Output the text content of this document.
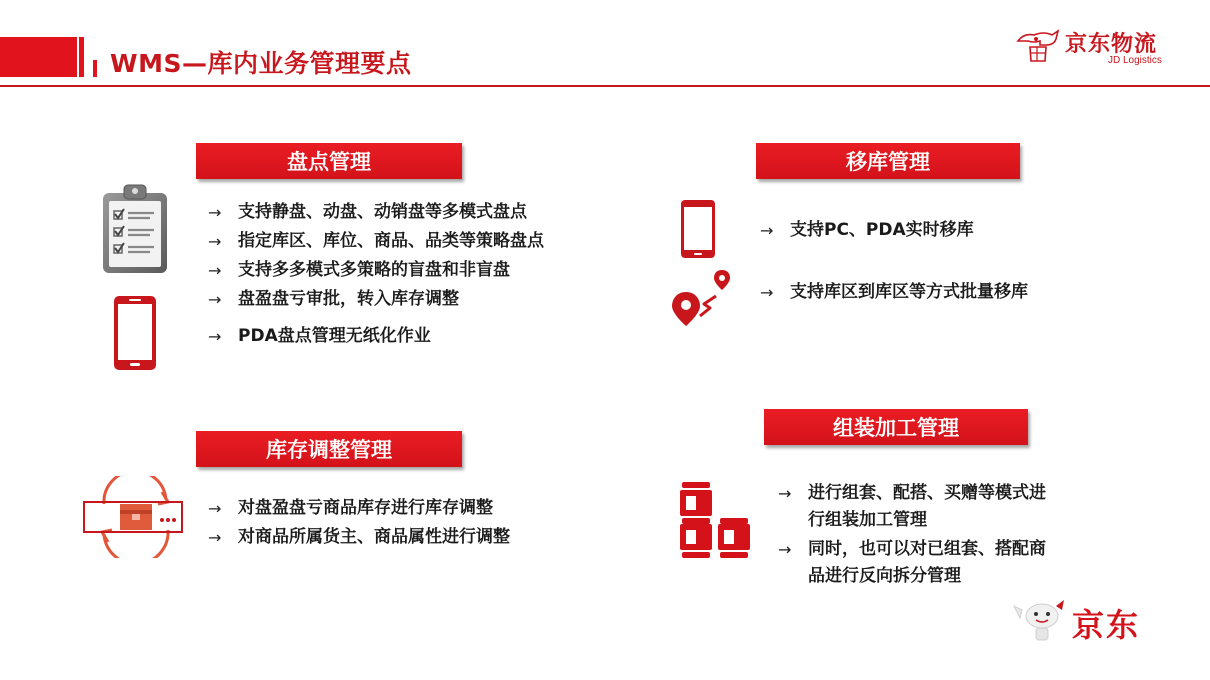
WMS—库内业务管理要点
京东物流
JD Logistics
盘点管理
→ 支持静盘、动盘、动销盘等多模式盘点
→ 指定库区、库位、商品、品类等策略盘点
→ 支持多多模式多策略的盲盘和非盲盘
→ 盘盈盘亏审批，转入库存调整
→ PDA盘点管理无纸化作业
移库管理
→ 支持PC、PDA实时移库
→ 支持库区到库区等方式批量移库
库存调整管理
→ 对盘盈盘亏商品库存进行库存调整
→ 对商品所属货主、商品属性进行调整
组装加工管理
→ 进行组套、配搭、买赠等模式进
行组装加工管理
→ 同时，也可以对已组套、搭配商
品进行反向拆分管理
京东
